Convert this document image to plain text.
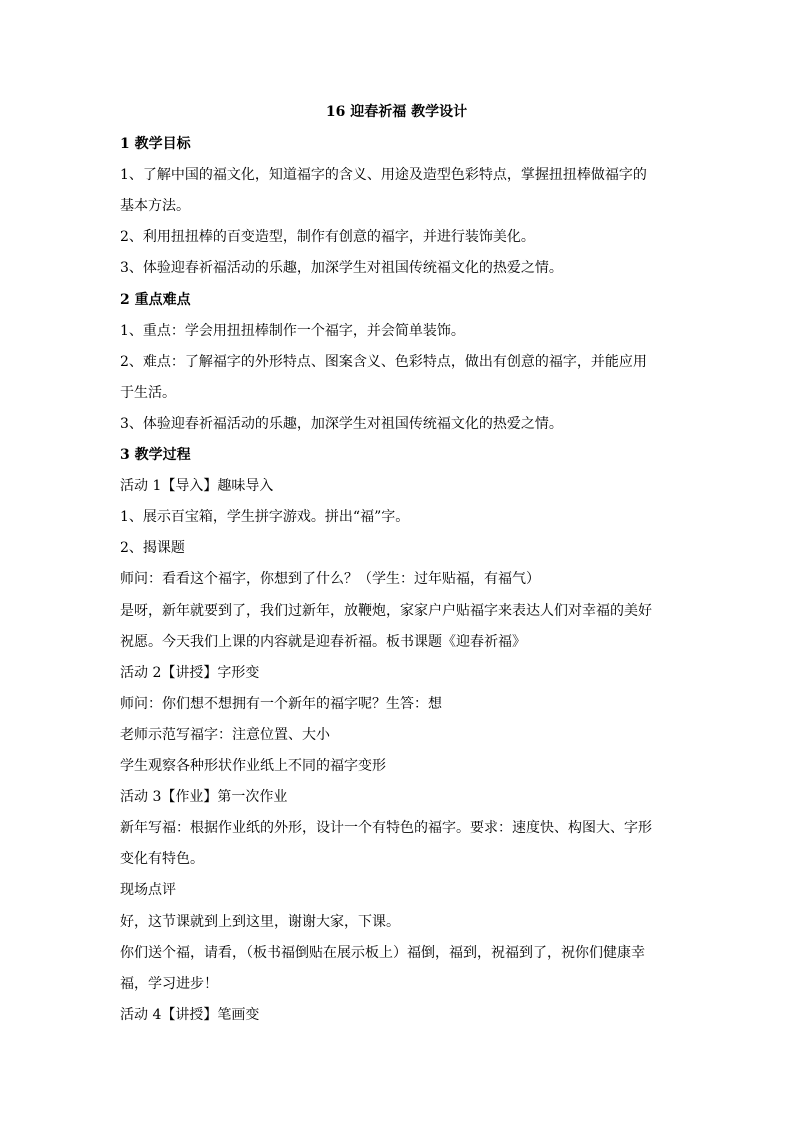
16 迎春祈福 教学设计
1 教学目标
1、了解中国的福文化，知道福字的含义、用途及造型色彩特点，掌握扭扭棒做福字的
基本方法。
2、利用扭扭棒的百变造型，制作有创意的福字，并进行装饰美化。
3、体验迎春祈福活动的乐趣，加深学生对祖国传统福文化的热爱之情。
2 重点难点
1、重点：学会用扭扭棒制作一个福字，并会简单装饰。
2、难点：了解福字的外形特点、图案含义、色彩特点，做出有创意的福字，并能应用
于生活。
3、体验迎春祈福活动的乐趣，加深学生对祖国传统福文化的热爱之情。
3 教学过程
活动 1【导入】趣味导入
1、展示百宝箱，学生拼字游戏。拼出“福”字。
2、揭课题
师问：看看这个福字，你想到了什么？（学生：过年贴福，有福气）
是呀，新年就要到了，我们过新年，放鞭炮，家家户户贴福字来表达人们对幸福的美好
祝愿。今天我们上课的内容就是迎春祈福。板书课题《迎春祈福》
活动 2【讲授】字形变
师问：你们想不想拥有一个新年的福字呢？生答：想
老师示范写福字：注意位置、大小
学生观察各种形状作业纸上不同的福字变形
活动 3【作业】第一次作业
新年写福：根据作业纸的外形，设计一个有特色的福字。要求：速度快、构图大、字形
变化有特色。
现场点评
好，这节课就到上到这里，谢谢大家，下课。
你们送个福，请看，（板书福倒贴在展示板上）福倒，福到，祝福到了，祝你们健康幸
福，学习进步！
活动 4【讲授】笔画变
